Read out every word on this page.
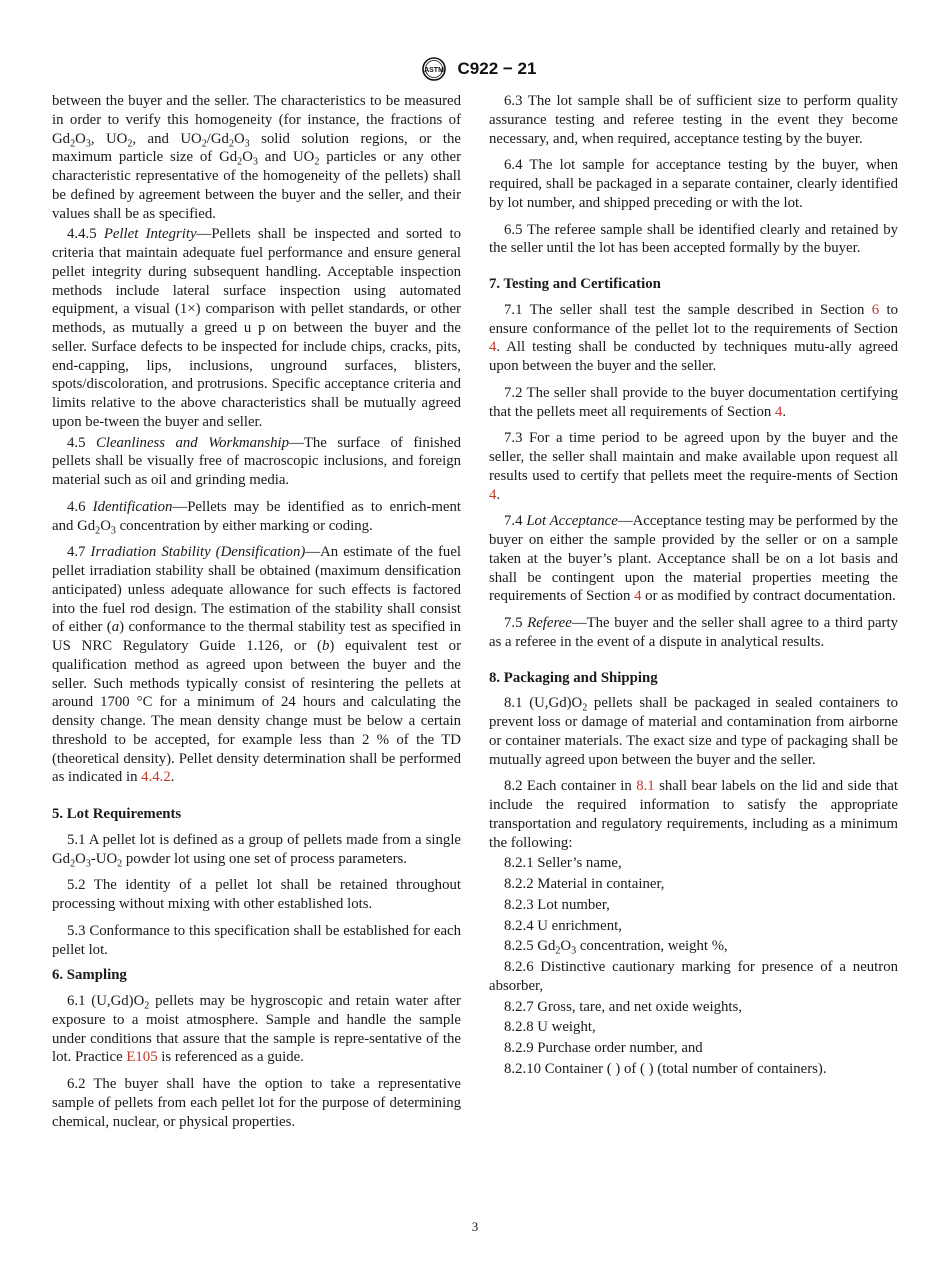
ASTM C922 − 21

between the buyer and the seller. The characteristics to be measured in order to verify this homogeneity (for instance, the fractions of $Gd_2O_3$, $UO_2$, and $UO_2/Gd_2O_3$ solid solution regions, or the maximum particle size of $Gd_2O_3$ and $UO_2$ particles or any other characteristic representative of the homogeneity of the pellets) shall be defined by agreement between the buyer and the seller, and their values shall be as specified.

4.4.5 Pellet Integrity—Pellets shall be inspected and sorted to criteria that maintain adequate fuel performance and ensure general pellet integrity during subsequent handling. Acceptable inspection methods include lateral surface inspection using automated equipment, a visual (1×) comparison with pellet standards, or other methods, as mutually a greed u p on between the buyer and the seller. Surface defects to be inspected for include chips, cracks, pits, end-capping, lips, inclusions, unground surfaces, blisters, spots/discoloration, and protrusions. Specific acceptance criteria and limits relative to the above characteristics shall be mutually agreed upon be-tween the buyer and seller.

4.5 Cleanliness and Workmanship—The surface of finished pellets shall be visually free of macroscopic inclusions, and foreign material such as oil and grinding media.

4.6 Identification—Pellets may be identified as to enrich-ment and $Gd_2O_3$ concentration by either marking or coding.

4.7 Irradiation Stability (Densification)—An estimate of the fuel pellet irradiation stability shall be obtained (maximum densification anticipated) unless adequate allowance for such effects is factored into the fuel rod design. The estimation of the stability shall consist of either (a) conformance to the thermal stability test as specified in US NRC Regulatory Guide 1.126, or (b) equivalent test or qualification method as agreed upon between the buyer and the seller. Such methods typically consist of resintering the pellets at around 1700 °C for a minimum of 24 hours and calculating the density change. The mean density change must be below a certain threshold to be accepted, for example less than 2 % of the TD (theoretical density). Pellet density determination shall be performed as indicated in 4.4.2.

5. Lot Requirements

5.1 A pellet lot is defined as a group of pellets made from a single $Gd_2O_3-UO_2$ powder lot using one set of process parameters.

5.2 The identity of a pellet lot shall be retained throughout processing without mixing with other established lots.

5.3 Conformance to this specification shall be established for each pellet lot.

6. Sampling

6.1 $(U,Gd)O_2$ pellets may be hygroscopic and retain water after exposure to a moist atmosphere. Sample and handle the sample under conditions that assure that the sample is repre-sentative of the lot. Practice E105 is referenced as a guide.

6.2 The buyer shall have the option to take a representative sample of pellets from each pellet lot for the purpose of determining chemical, nuclear, or physical properties.

6.3 The lot sample shall be of sufficient size to perform quality assurance testing and referee testing in the event they become necessary, and, when required, acceptance testing by the buyer.

6.4 The lot sample for acceptance testing by the buyer, when required, shall be packaged in a separate container, clearly identified by lot number, and shipped preceding or with the lot.

6.5 The referee sample shall be identified clearly and retained by the seller until the lot has been accepted formally by the buyer.

7. Testing and Certification

7.1 The seller shall test the sample described in Section 6 to ensure conformance of the pellet lot to the requirements of Section 4. All testing shall be conducted by techniques mutu-ally agreed upon between the buyer and the seller.

7.2 The seller shall provide to the buyer documentation certifying that the pellets meet all requirements of Section 4.

7.3 For a time period to be agreed upon by the buyer and the seller, the seller shall maintain and make available upon request all results used to certify that pellets meet the require-ments of Section 4.

7.4 Lot Acceptance—Acceptance testing may be performed by the buyer on either the sample provided by the seller or on a sample taken at the buyer’s plant. Acceptance shall be on a lot basis and shall be contingent upon the material properties meeting the requirements of Section 4 or as modified by contract documentation.

7.5 Referee—The buyer and the seller shall agree to a third party as a referee in the event of a dispute in analytical results.

8. Packaging and Shipping

8.1 $(U,Gd)O_2$ pellets shall be packaged in sealed containers to prevent loss or damage of material and contamination from airborne or container materials. The exact size and type of packaging shall be mutually agreed upon between the buyer and the seller.

8.2 Each container in 8.1 shall bear labels on the lid and side that include the required information to satisfy the appropriate transportation and regulatory requirements, including as a minimum the following:

8.2.1 Seller’s name,

8.2.2 Material in container,

8.2.3 Lot number,

8.2.4 U enrichment,

8.2.5 $Gd_2O_3$ concentration, weight %,

8.2.6 Distinctive cautionary marking for presence of a neutron absorber,

8.2.7 Gross, tare, and net oxide weights,

8.2.8 U weight,

8.2.9 Purchase order number, and

8.2.10 Container ( ) of ( ) (total number of containers).

3
